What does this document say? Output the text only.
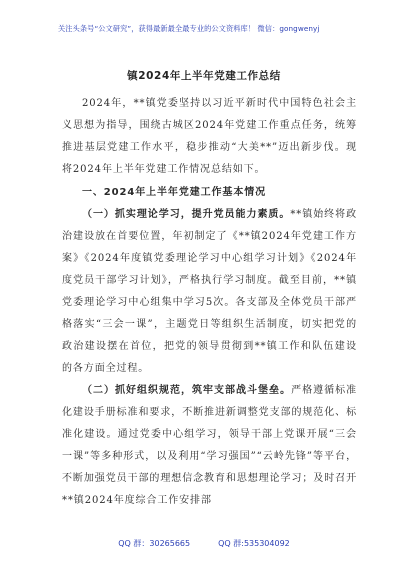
关注头条号“公文研究”，获得最新最全最专业的公文资料库！ 微信：gongwenyj
镇2024年上半年党建工作总结

2024年，**镇党委坚持以习近平新时代中国特色社会主义思想为指导，围绕古城区2024年党建工作重点任务，统筹推进基层党建工作水平，稳步推动“大美**”迈出新步伐。现将2024年上半年党建工作情况总结如下。

一、2024年上半年党建工作基本情况

（一）抓实理论学习，提升党员能力素质。**镇始终将政治建设放在首要位置，年初制定了《**镇2024年党建工作方案》《2024年度镇党委理论学习中心组学习计划》《2024年度党员干部学习计划》，严格执行学习制度。截至目前，**镇党委理论学习中心组集中学习5次。各支部及全体党员干部严格落实“三会一课”，主题党日等组织生活制度，切实把党的政治建设摆在首位，把党的领导贯彻到**镇工作和队伍建设的各方面全过程。

（二）抓好组织规范，筑牢支部战斗堡垒。严格遵循标准化建设手册标准和要求，不断推进新调整党支部的规范化、标准化建设。通过党委中心组学习，领导干部上党课开展“三会一课”等多种形式，以及利用“学习强国”“云岭先锋”等平台，不断加强党员干部的理想信念教育和思想理论学习；及时召开**镇2024年度综合工作安排部

QQ 群：30265665	QQ 群:535304092
